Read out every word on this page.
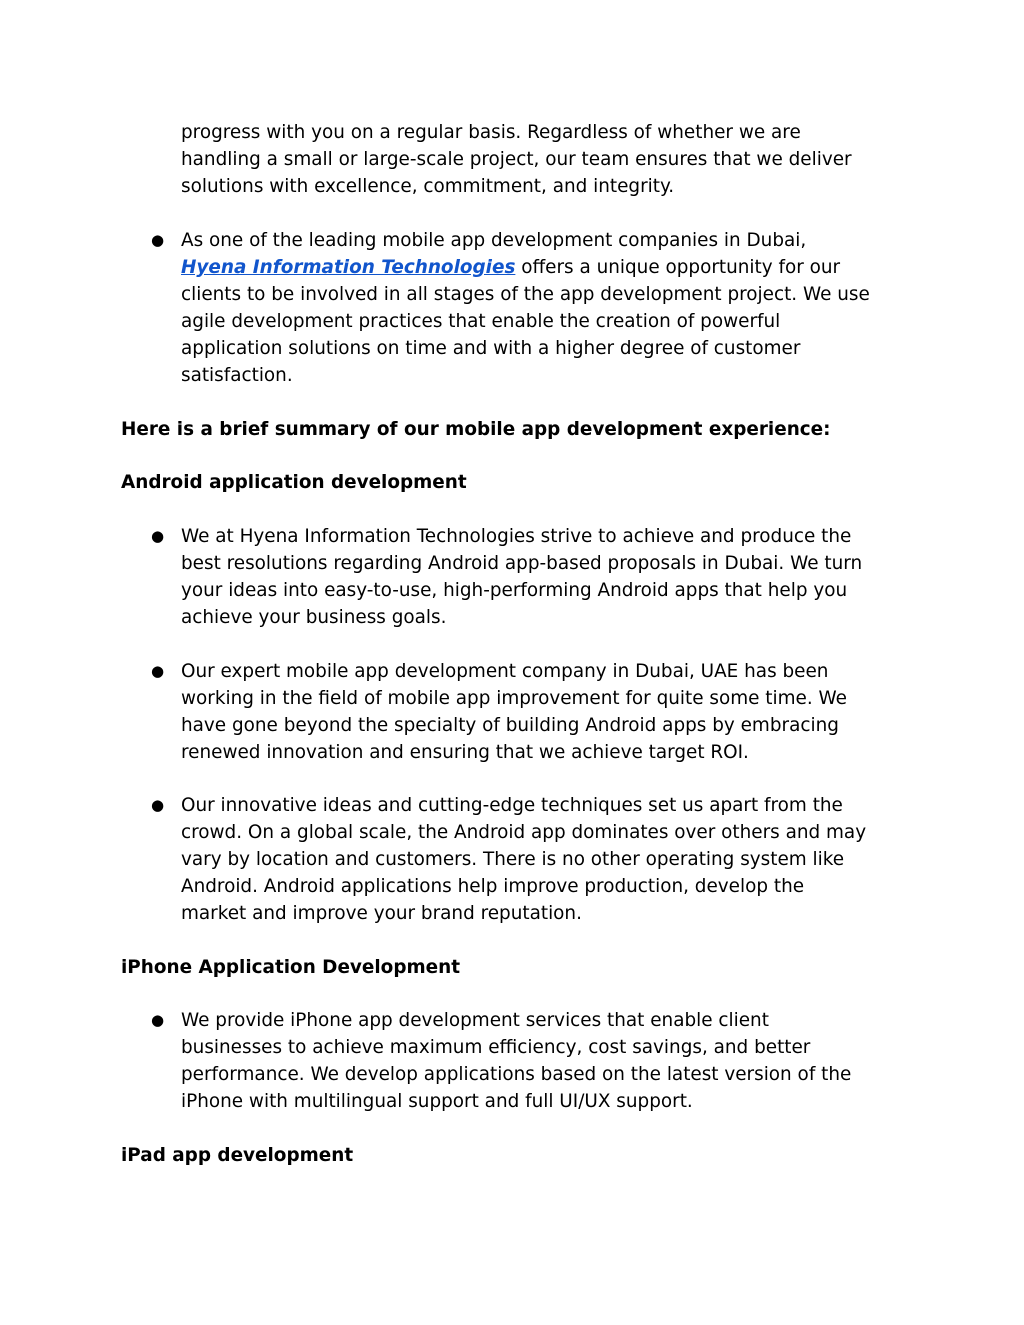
progress with you on a regular basis. Regardless of whether we are
handling a small or large-scale project, our team ensures that we deliver
solutions with excellence, commitment, and integrity.
● As one of the leading mobile app development companies in Dubai,
Hyena Information Technologies offers a unique opportunity for our
clients to be involved in all stages of the app development project. We use
agile development practices that enable the creation of powerful
application solutions on time and with a higher degree of customer
satisfaction.
Here is a brief summary of our mobile app development experience:
Android application development
● We at Hyena Information Technologies strive to achieve and produce the
best resolutions regarding Android app-based proposals in Dubai. We turn
your ideas into easy-to-use, high-performing Android apps that help you
achieve your business goals.
● Our expert mobile app development company in Dubai, UAE has been
working in the field of mobile app improvement for quite some time. We
have gone beyond the specialty of building Android apps by embracing
renewed innovation and ensuring that we achieve target ROI.
● Our innovative ideas and cutting-edge techniques set us apart from the
crowd. On a global scale, the Android app dominates over others and may
vary by location and customers. There is no other operating system like
Android. Android applications help improve production, develop the
market and improve your brand reputation.
iPhone Application Development
● We provide iPhone app development services that enable client
businesses to achieve maximum efficiency, cost savings, and better
performance. We develop applications based on the latest version of the
iPhone with multilingual support and full UI/UX support.
iPad app development
